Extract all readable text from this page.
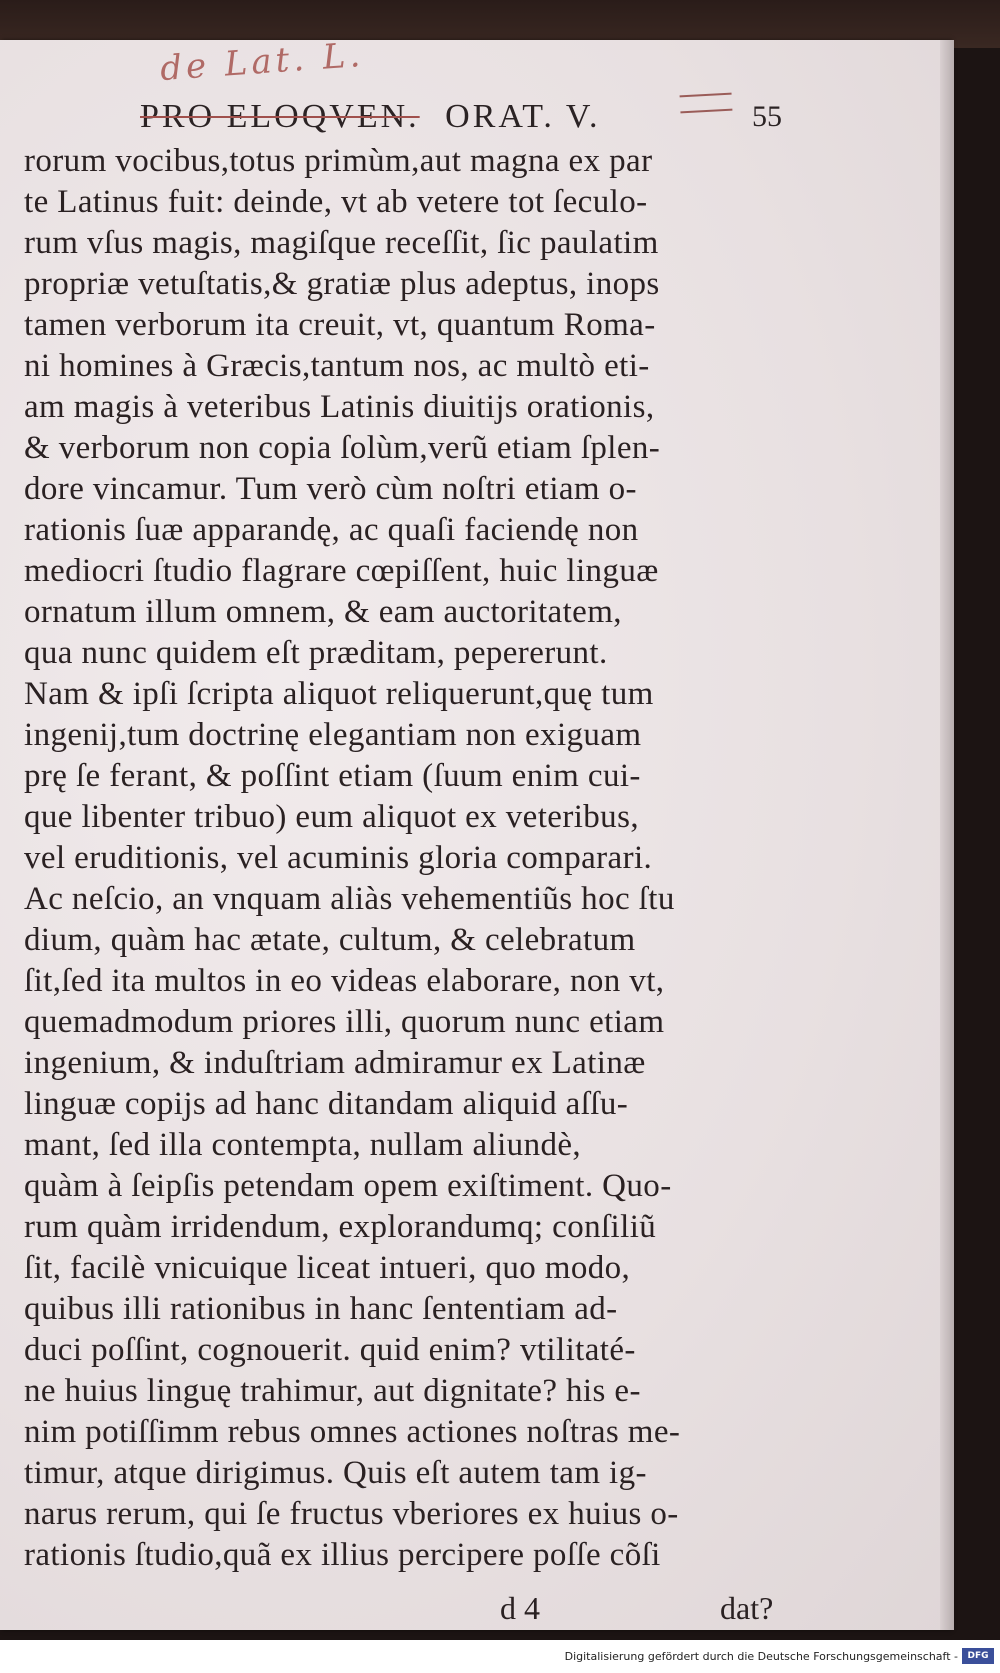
de Lat. L.
PRO ELOQVEN. ORAT. V.	55
rorum vocibus,totus primùm,aut magna ex par
te Latinus fuit: deinde, vt ab vetere tot ſeculo-
rum vſus magis, magiſque receſſit, ſic paulatim
propriæ vetuſtatis,& gratiæ plus adeptus, inops
tamen verborum ita creuit, vt, quantum Roma-
ni homines à Græcis,tantum nos, ac multò eti-
am magis à veteribus Latinis diuitijs orationis,
& verborum non copia ſolùm,verũ etiam ſplen-
dore vincamur. Tum verò cùm noſtri etiam o-
rationis ſuæ apparandę, ac quaſi faciendę non
mediocri ſtudio flagrare cœpiſſent, huic linguæ
ornatum illum omnem, & eam auctoritatem,
qua nunc quidem eſt præditam, pepererunt.
Nam & ipſi ſcripta aliquot reliquerunt,quę tum
ingenij,tum doctrinę elegantiam non exiguam
prę ſe ferant, & poſſint etiam (ſuum enim cui-
que libenter tribuo) eum aliquot ex veteribus,
vel eruditionis, vel acuminis gloria comparari.
Ac neſcio, an vnquam aliàs vehementiũs hoc ſtu
dium, quàm hac ætate, cultum, & celebratum
ſit,ſed ita multos in eo videas elaborare, non vt,
quemadmodum priores illi, quorum nunc etiam
ingenium, & induſtriam admiramur ex Latinæ
linguæ copijs ad hanc ditandam aliquid aſſu-
mant, ſed illa contempta, nullam aliundè,
quàm à ſeipſis petendam opem exiſtiment. Quo-
rum quàm irridendum, explorandumq; conſiliũ
ſit, facilè vnicuique liceat intueri, quo modo,
quibus illi rationibus in hanc ſententiam ad-
duci poſſint, cognouerit. quid enim? vtilitaté-
ne huius linguę trahimur, aut dignitate? his e-
nim potiſſimm rebus omnes actiones noſtras me-
timur, atque dirigimus. Quis eſt autem tam ig-
narus rerum, qui ſe fructus vberiores ex huius o-
rationis ſtudio,quã ex illius percipere poſſe cõſi
d 4	dat?
Digitalisierung gefördert durch die Deutsche Forschungsgemeinschaft -	DFG
